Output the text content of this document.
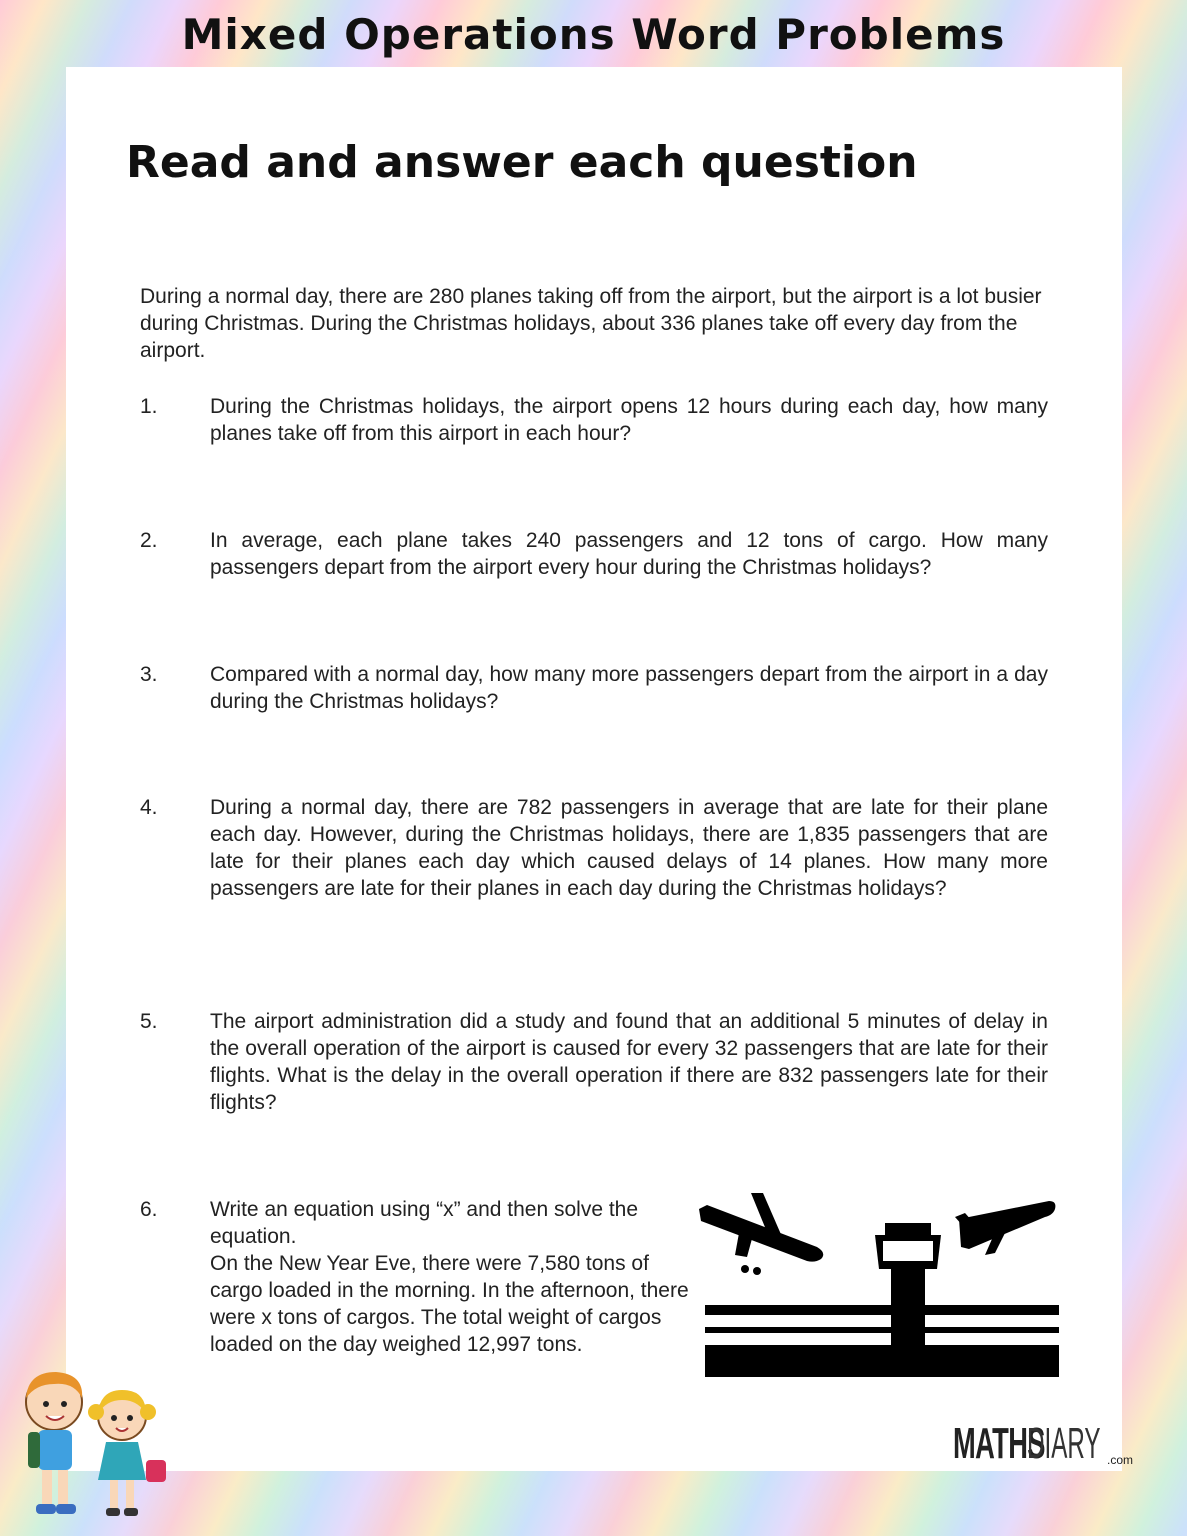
Mixed Operations Word Problems
Read and answer each question

During a normal day, there are 280 planes taking off from the airport, but the airport is a lot busier during Christmas. During the Christmas holidays, about 336 planes take off every day from the airport.

1.	During the Christmas holidays, the airport opens 12 hours during each day, how many planes take off from this airport in each hour?
2.	In average, each plane takes 240 passengers and 12 tons of cargo. How many passengers depart from the airport every hour during the Christmas holidays?
3.	Compared with a normal day, how many more passengers depart from the airport in a day during the Christmas holidays?
4.	During a normal day, there are 782 passengers in average that are late for their plane each day. However, during the Christmas holidays, there are 1,835 passengers that are late for their planes each day which caused delays of 14 planes. How many more passengers are late for their planes in each day during the Christmas holidays?
5.	The airport administration did a study and found that an additional 5 minutes of delay in the overall operation of the airport is caused for every 32 passengers that are late for their flights. What is the delay in the overall operation if there are 832 passengers late for their flights?
6.	Write an equation using “x” and then solve the equation.
On the New Year Eve, there were 7,580 tons of cargo loaded in the morning. In the afternoon, there were x tons of cargos. The total weight of cargos loaded on the day weighed 12,997 tons.
MATHS
DIARY .com
